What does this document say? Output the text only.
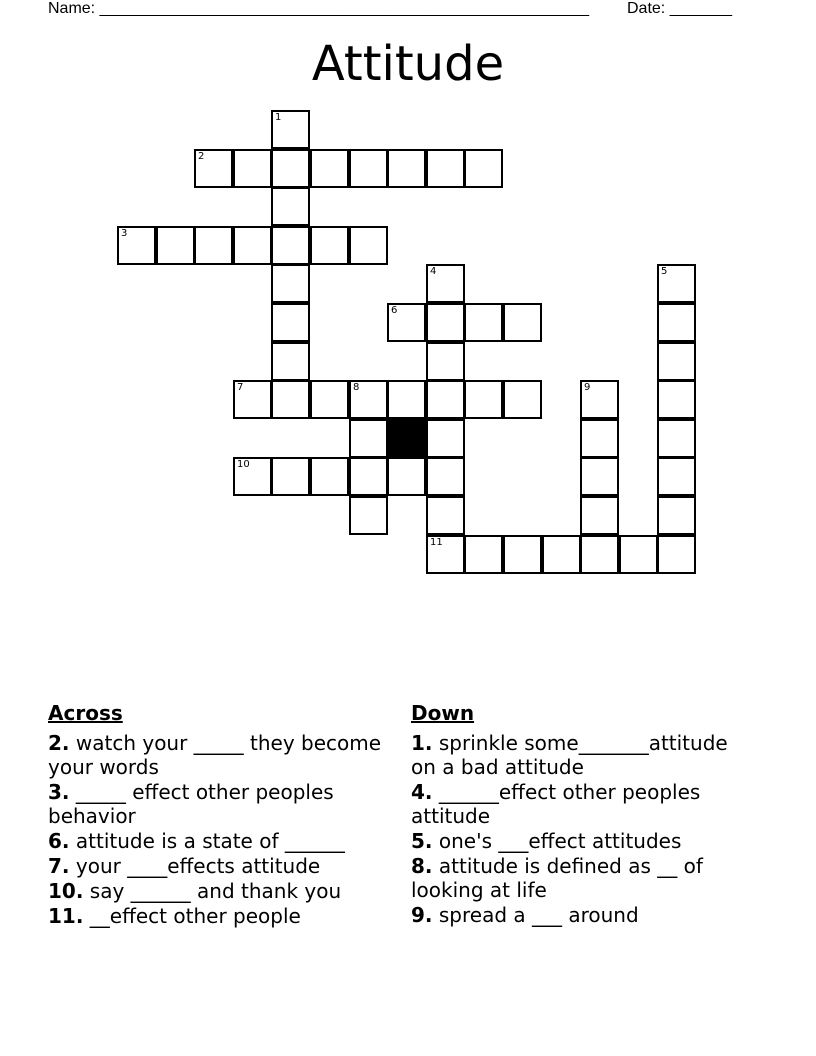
Name: _______________________________________________________ Date: _______
Attitude
1
2
3
4	5
6
7	8	9
10
11
Across
2. watch your _____ they become your words
3. _____ effect other peoples behavior
6. attitude is a state of ______
7. your ____effects attitude
10. say ______ and thank you
11. __effect other people
Down
1. sprinkle some_______attitude on a bad attitude
4. ______effect other peoples attitude
5. one's ___effect attitudes
8. attitude is defined as __ of looking at life
9. spread a ___ around
